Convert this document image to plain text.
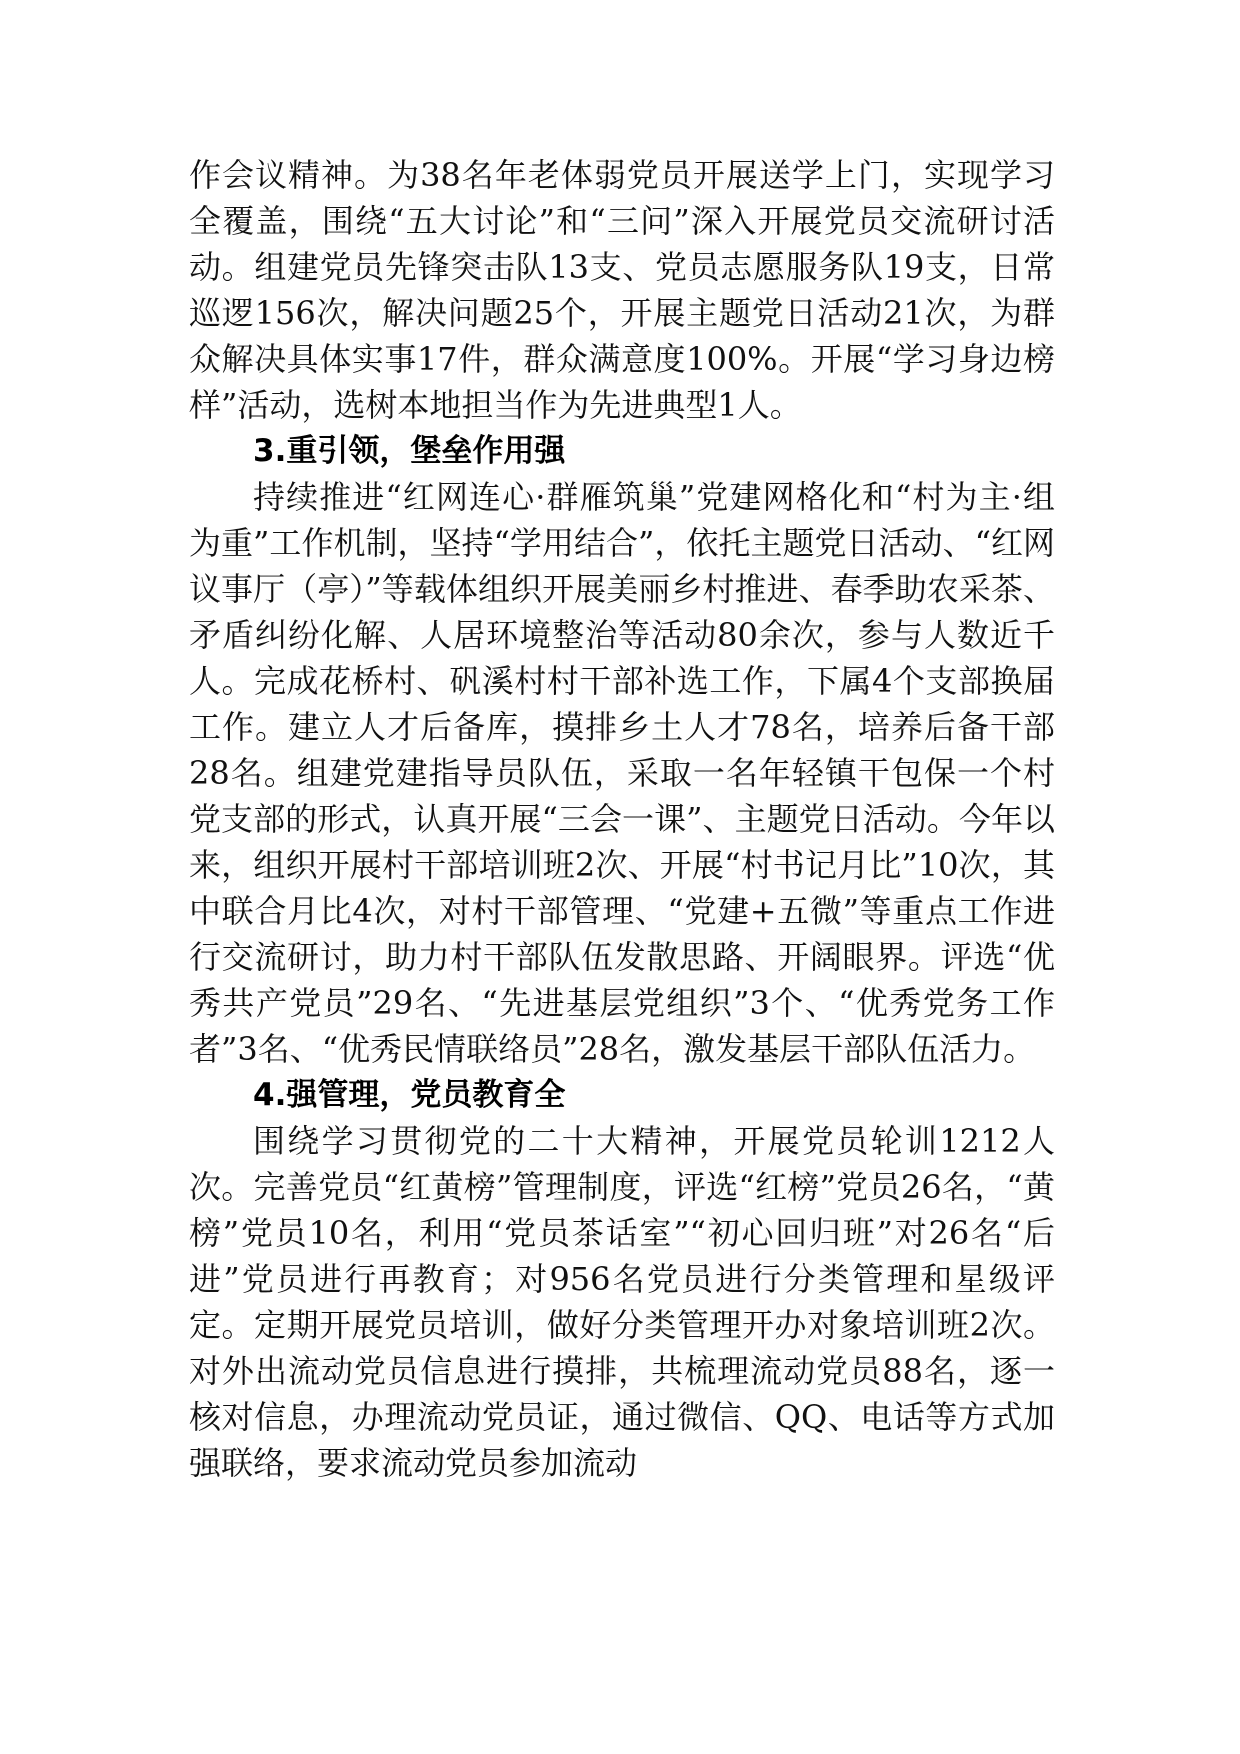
作会议精神。为38名年老体弱党员开展送学上门，实现学习全覆盖，围绕“五大讨论”和“三问”深入开展党员交流研讨活动。组建党员先锋突击队13支、党员志愿服务队19支，日常巡逻156次，解决问题25个，开展主题党日活动21次，为群众解决具体实事17件，群众满意度100%。开展“学习身边榜样”活动，选树本地担当作为先进典型1人。

3.重引领，堡垒作用强

持续推进“红网连心·群雁筑巢”党建网格化和“村为主·组为重”工作机制，坚持“学用结合”，依托主题党日活动、“红网议事厅（亭）”等载体组织开展美丽乡村推进、春季助农采茶、矛盾纠纷化解、人居环境整治等活动80余次，参与人数近千人。完成花桥村、矾溪村村干部补选工作，下属4个支部换届工作。建立人才后备库，摸排乡土人才78名，培养后备干部28名。组建党建指导员队伍，采取一名年轻镇干包保一个村党支部的形式，认真开展“三会一课”、主题党日活动。今年以来，组织开展村干部培训班2次、开展“村书记月比”10次，其中联合月比4次，对村干部管理、“党建+五微”等重点工作进行交流研讨，助力村干部队伍发散思路、开阔眼界。评选“优秀共产党员”29名、“先进基层党组织”3个、“优秀党务工作者”3名、“优秀民情联络员”28名，激发基层干部队伍活力。

4.强管理，党员教育全

围绕学习贯彻党的二十大精神，开展党员轮训1212人次。完善党员“红黄榜”管理制度，评选“红榜”党员26名，“黄榜”党员10名，利用“党员茶话室”“初心回归班”对26名“后进”党员进行再教育；对956名党员进行分类管理和星级评定。定期开展党员培训，做好分类管理开办对象培训班2次。对外出流动党员信息进行摸排，共梳理流动党员88名，逐一核对信息，办理流动党员证，通过微信、QQ、电话等方式加强联络，要求流动党员参加流动
